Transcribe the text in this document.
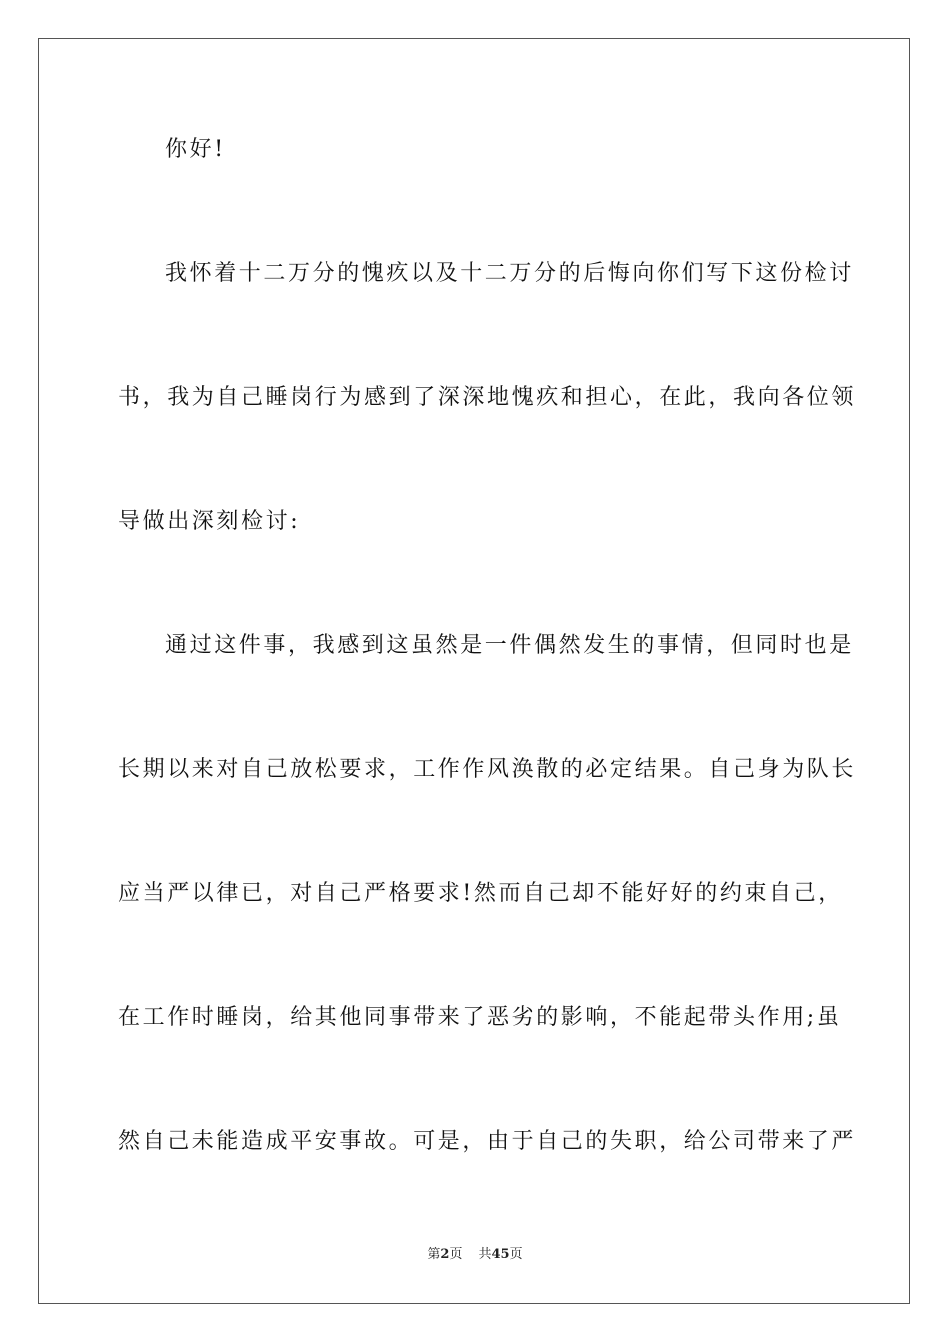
你好!
我怀着十二万分的愧疚以及十二万分的后悔向你们写下这份检讨
书，我为自己睡岗行为感到了深深地愧疚和担心，在此，我向各位领
导做出深刻检讨:
通过这件事，我感到这虽然是一件偶然发生的事情，但同时也是
长期以来对自己放松要求，工作作风涣散的必定结果。自己身为队长
应当严以律已，对自己严格要求!然而自己却不能好好的约束自己，
在工作时睡岗，给其他同事带来了恶劣的影响，不能起带头作用;虽
然自己未能造成平安事故。可是，由于自己的失职，给公司带来了严
第2页 共45页
